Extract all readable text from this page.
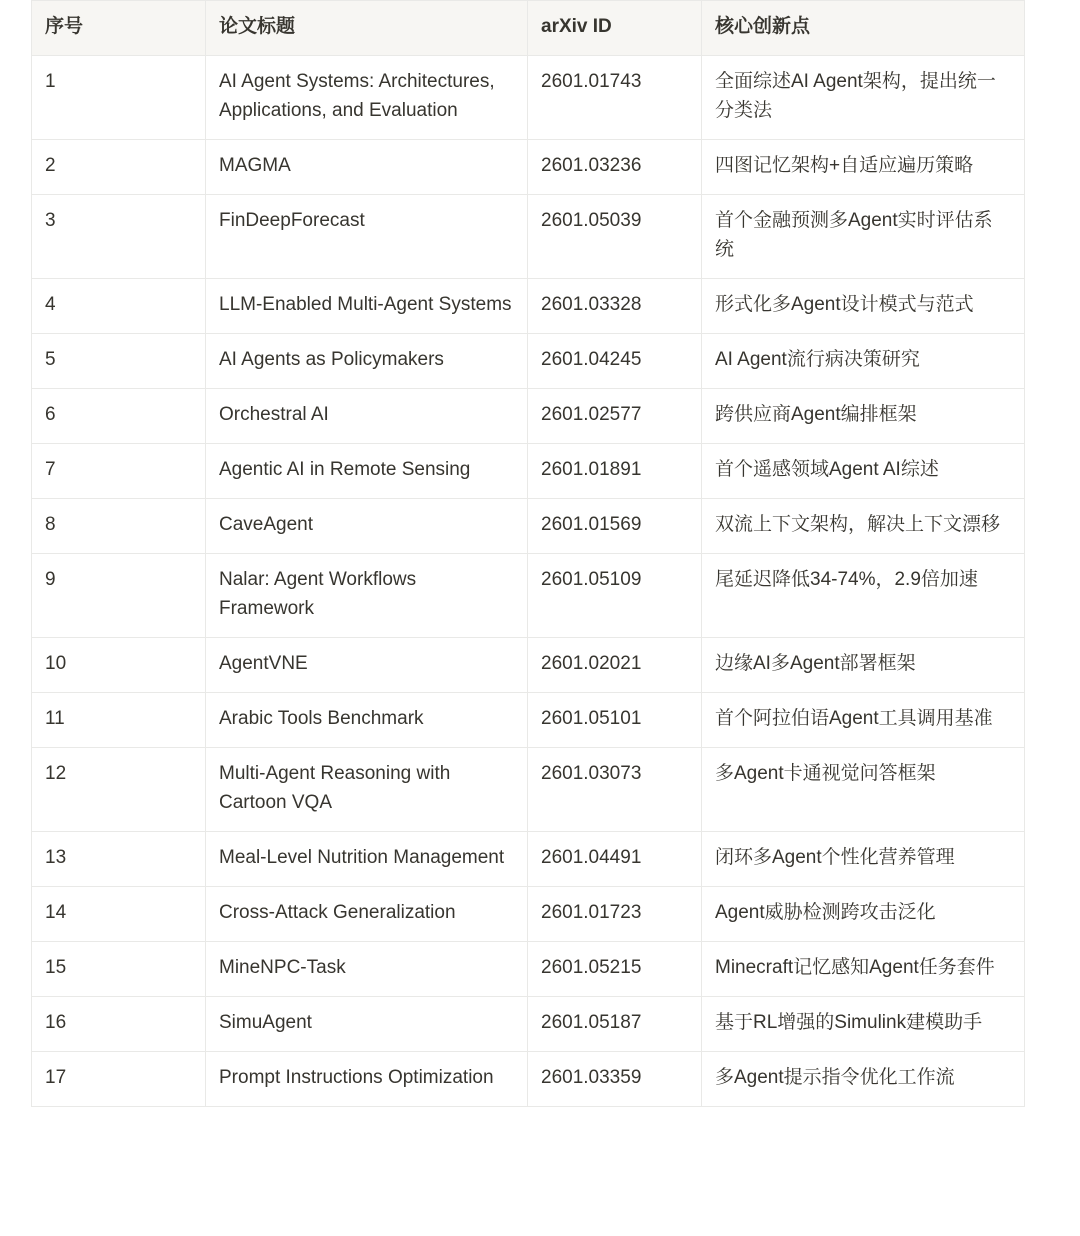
序号	论文标题	arXiv ID	核心创新点
1	AI Agent Systems: Architectures, Applications, and Evaluation	2601.01743	全面综述AI Agent架构，提出统一分类法
2	MAGMA	2601.03236	四图记忆架构+自适应遍历策略
3	FinDeepForecast	2601.05039	首个金融预测多Agent实时评估系统
4	LLM-Enabled Multi-Agent Systems	2601.03328	形式化多Agent设计模式与范式
5	AI Agents as Policymakers	2601.04245	AI Agent流行病决策研究
6	Orchestral AI	2601.02577	跨供应商Agent编排框架
7	Agentic AI in Remote Sensing	2601.01891	首个遥感领域Agent AI综述
8	CaveAgent	2601.01569	双流上下文架构，解决上下文漂移
9	Nalar: Agent Workflows Framework	2601.05109	尾延迟降低34-74%，2.9倍加速
10	AgentVNE	2601.02021	边缘AI多Agent部署框架
11	Arabic Tools Benchmark	2601.05101	首个阿拉伯语Agent工具调用基准
12	Multi-Agent Reasoning with Cartoon VQA	2601.03073	多Agent卡通视觉问答框架
13	Meal-Level Nutrition Management	2601.04491	闭环多Agent个性化营养管理
14	Cross-Attack Generalization	2601.01723	Agent威胁检测跨攻击泛化
15	MineNPC-Task	2601.05215	Minecraft记忆感知Agent任务套件
16	SimuAgent	2601.05187	基于RL增强的Simulink建模助手
17	Prompt Instructions Optimization	2601.03359	多Agent提示指令优化工作流
